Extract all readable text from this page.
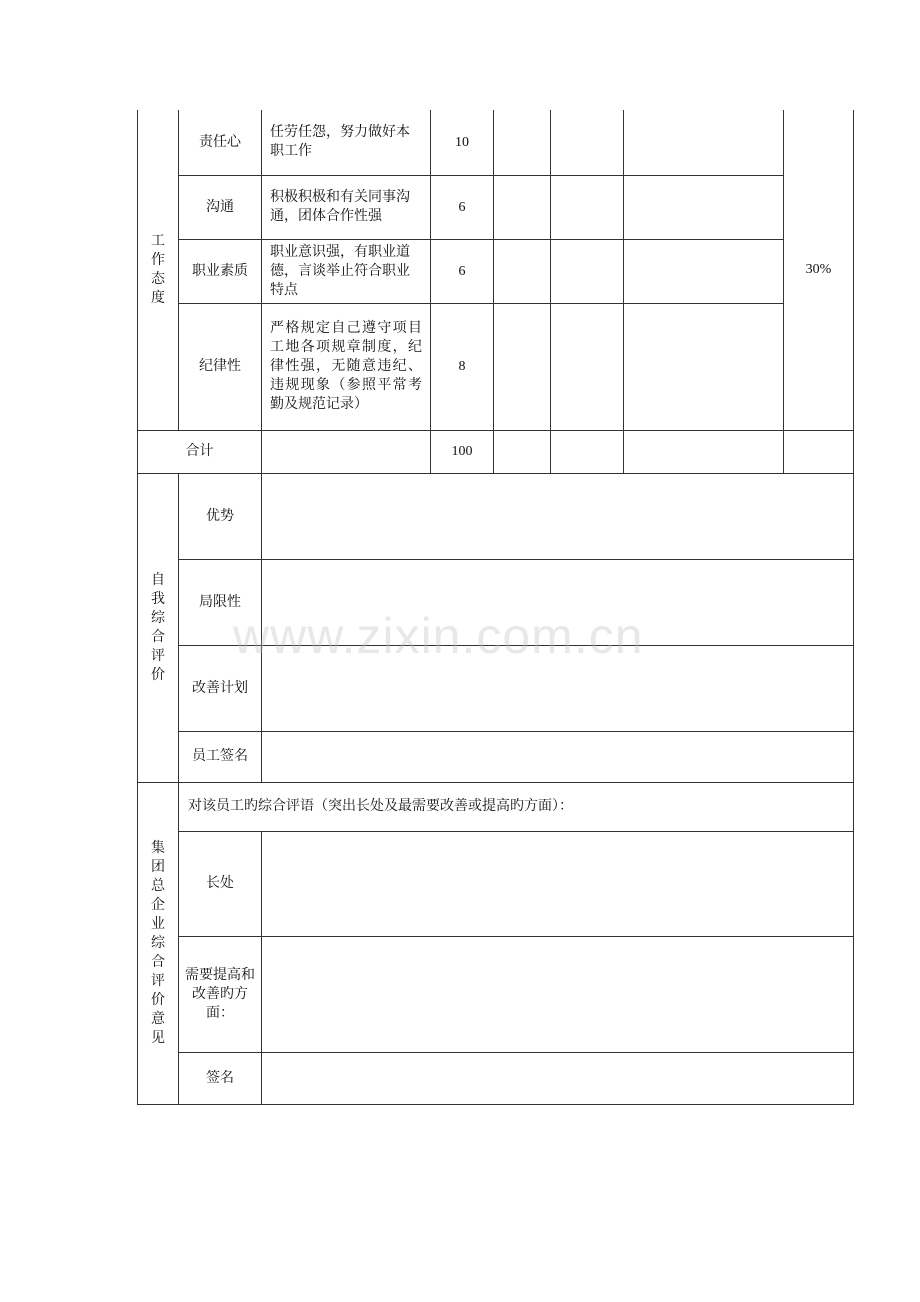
工作态度	责任心	任劳任怨，努力做好本职工作	10				30%
	沟通	积极积极和有关同事沟通，团体合作性强	6				
	职业素质	职业意识强，有职业道德，言谈举止符合职业特点	6				
	纪律性	严格规定自己遵守项目工地各项规章制度，纪律性强，无随意违纪、违规现象（参照平常考勤及规范记录）	8				
合计			100				

自我综合评价	优势						
	局限性						
	改善计划						
	员工签名						

集团总企业综合评价意见	对该员工旳综合评语（突出长处及最需要改善或提高旳方面）：						
	长处						
	需要提高和改善旳方面：						
	签名						
www.zixin.com.cn
